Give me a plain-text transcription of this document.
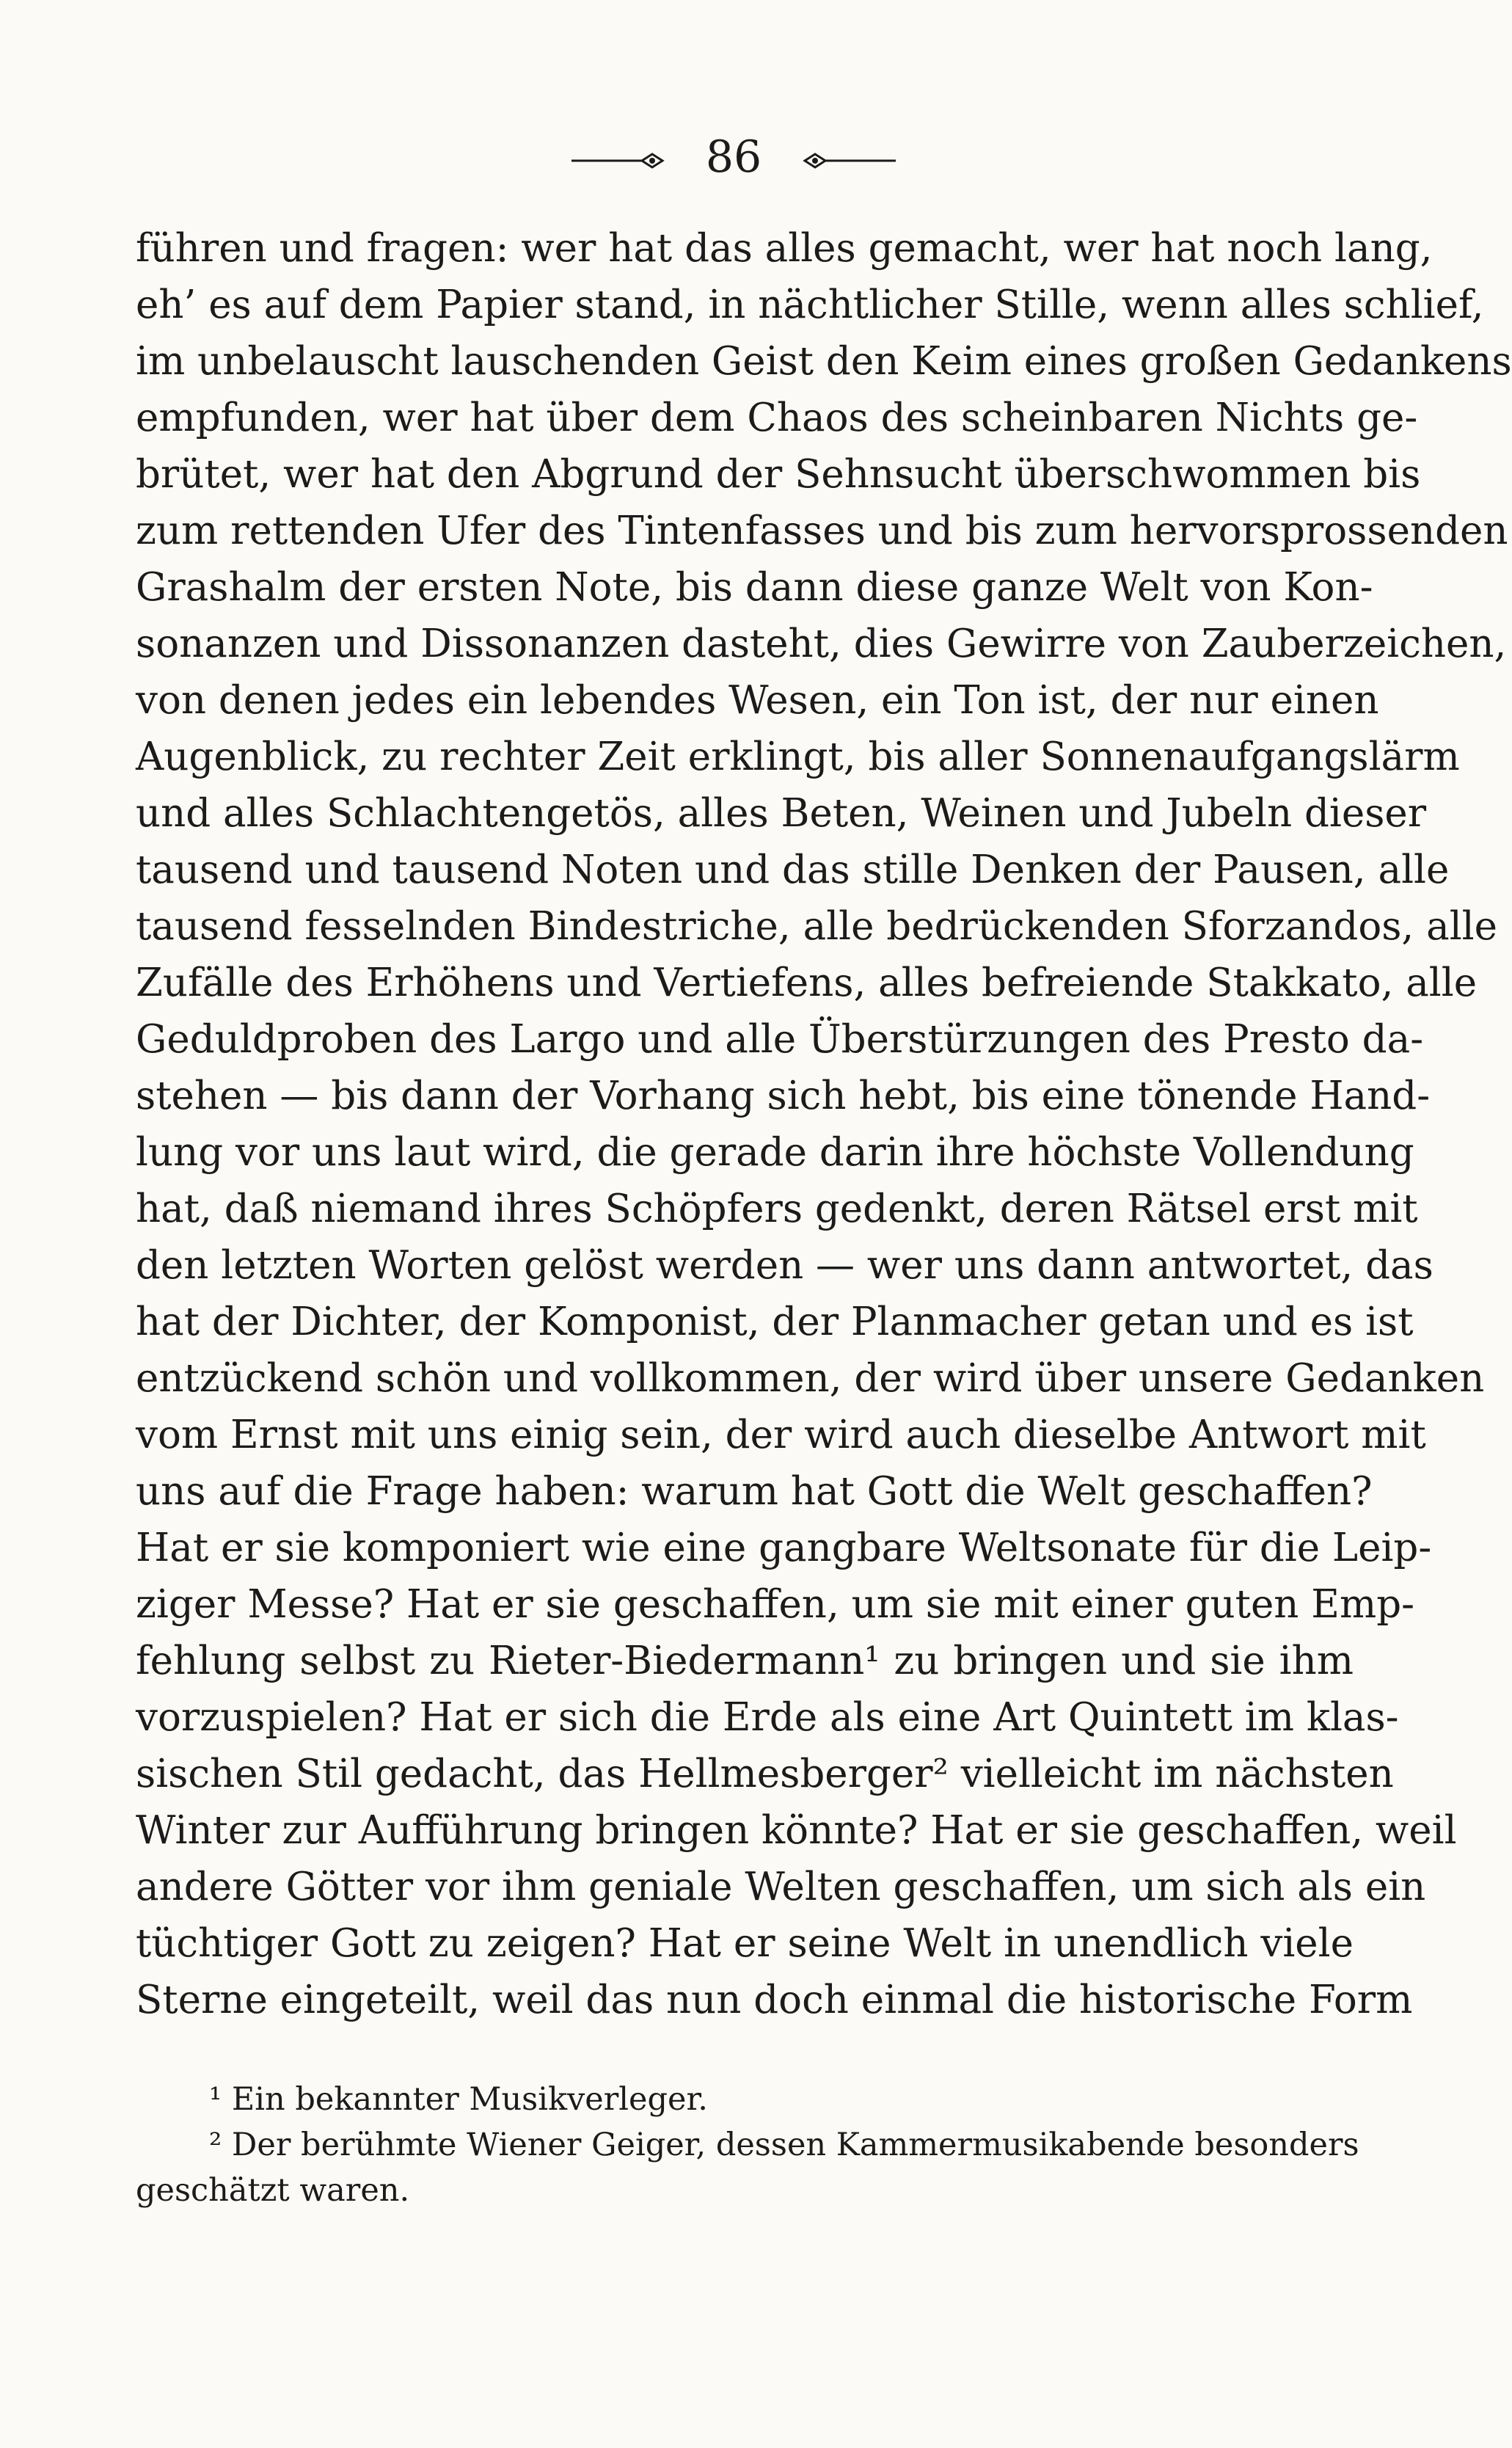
86
führen und fragen: wer hat das alles gemacht, wer hat noch lang,
eh’ es auf dem Papier stand, in nächtlicher Stille, wenn alles schlief,
im unbelauscht lauschenden Geist den Keim eines großen Gedankens
empfunden, wer hat über dem Chaos des scheinbaren Nichts ge-
brütet, wer hat den Abgrund der Sehnsucht überschwommen bis
zum rettenden Ufer des Tintenfasses und bis zum hervorsprossenden
Grashalm der ersten Note, bis dann diese ganze Welt von Kon-
sonanzen und Dissonanzen dasteht, dies Gewirre von Zauberzeichen,
von denen jedes ein lebendes Wesen, ein Ton ist, der nur einen
Augenblick, zu rechter Zeit erklingt, bis aller Sonnenaufgangslärm
und alles Schlachtengetös, alles Beten, Weinen und Jubeln dieser
tausend und tausend Noten und das stille Denken der Pausen, alle
tausend fesselnden Bindestriche, alle bedrückenden Sforzandos, alle
Zufälle des Erhöhens und Vertiefens, alles befreiende Stakkato, alle
Geduldproben des Largo und alle Überstürzungen des Presto da-
stehen — bis dann der Vorhang sich hebt, bis eine tönende Hand-
lung vor uns laut wird, die gerade darin ihre höchste Vollendung
hat, daß niemand ihres Schöpfers gedenkt, deren Rätsel erst mit
den letzten Worten gelöst werden — wer uns dann antwortet, das
hat der Dichter, der Komponist, der Planmacher getan und es ist
entzückend schön und vollkommen, der wird über unsere Gedanken
vom Ernst mit uns einig sein, der wird auch dieselbe Antwort mit
uns auf die Frage haben: warum hat Gott die Welt geschaffen?
Hat er sie komponiert wie eine gangbare Weltsonate für die Leip-
ziger Messe? Hat er sie geschaffen, um sie mit einer guten Emp-
fehlung selbst zu Rieter-Biedermann¹ zu bringen und sie ihm
vorzuspielen? Hat er sich die Erde als eine Art Quintett im klas-
sischen Stil gedacht, das Hellmesberger² vielleicht im nächsten
Winter zur Aufführung bringen könnte? Hat er sie geschaffen, weil
andere Götter vor ihm geniale Welten geschaffen, um sich als ein
tüchtiger Gott zu zeigen? Hat er seine Welt in unendlich viele
Sterne eingeteilt, weil das nun doch einmal die historische Form
¹ Ein bekannter Musikverleger.
² Der berühmte Wiener Geiger, dessen Kammermusikabende besonders
geschätzt waren.
